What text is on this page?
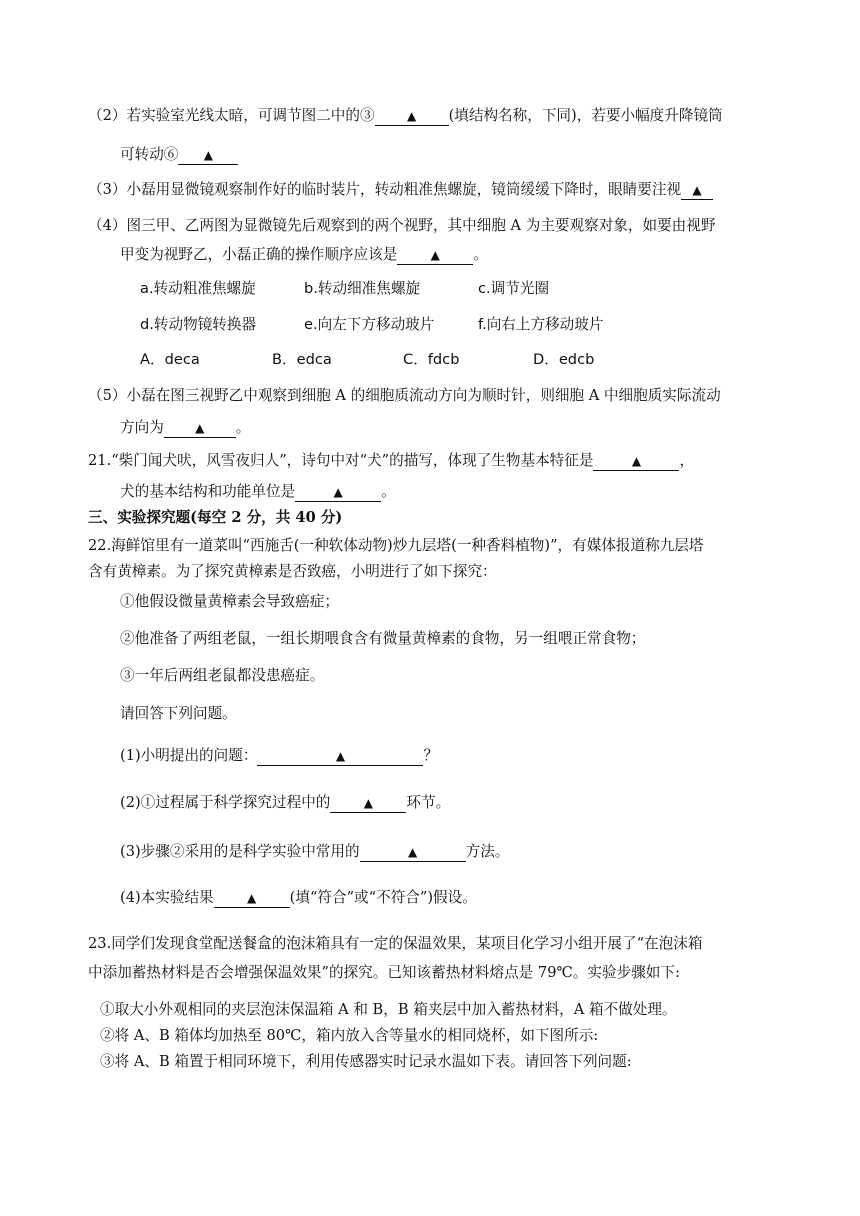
（2）若实验室光线太暗，可调节图二中的③	▲ (填结构名称，下同)，若要小幅度升降镜筒
可转动⑥ ▲
（3）小磊用显微镜观察制作好的临时装片，转动粗准焦螺旋，镜筒缓缓下降时，眼睛要注视 ▲
（4）图三甲、乙两图为显微镜先后观察到的两个视野，其中细胞 A 为主要观察对象，如要由视野
甲变为视野乙，小磊正确的操作顺序应该是	▲ 。
a.转动粗准焦螺旋	b.转动细准焦螺旋	c.调节光圈
d.转动物镜转换器	e.向左下方移动玻片	f.向右上方移动玻片
A．deca	B．edca	C．fdcb	D．edcb
（5）小磊在图三视野乙中观察到细胞 A 的细胞质流动方向为顺时针，则细胞 A 中细胞质实际流动
方向为	▲ 。
21.“柴门闻犬吠，风雪夜归人”，诗句中对“犬”的描写，体现了生物基本特征是	▲	，
犬的基本结构和功能单位是	▲	。
三、实验探究题(每空 2 分，共 40 分)
22.海鲜馆里有一道菜叫“西施舌(一种软体动物)炒九层塔(一种香料植物)”，有媒体报道称九层塔
含有黄樟素。为了探究黄樟素是否致癌，小明进行了如下探究：
①他假设微量黄樟素会导致癌症；
②他准备了两组老鼠，一组长期喂食含有微量黄樟素的食物，另一组喂正常食物；
③一年后两组老鼠都没患癌症。
请回答下列问题。
(1)小明提出的问题：	▲	？
(2)①过程属于科学探究过程中的	▲ 环节。
(3)步骤②采用的是科学实验中常用的	▲	方法。
(4)本实验结果	▲ (填“符合”或“不符合”)假设。
23.同学们发现食堂配送餐盒的泡沫箱具有一定的保温效果，某项目化学习小组开展了“在泡沫箱
中添加蓄热材料是否会增强保温效果”的探究。已知该蓄热材料熔点是 79℃。实验步骤如下:
①取大小外观相同的夹层泡沫保温箱 A 和 B，B 箱夹层中加入蓄热材料，A 箱不做处理。
②将 A、B 箱体均加热至 80℃，箱内放入含等量水的相同烧杯，如下图所示:
③将 A、B 箱置于相同环境下，利用传感器实时记录水温如下表。请回答下列问题:
